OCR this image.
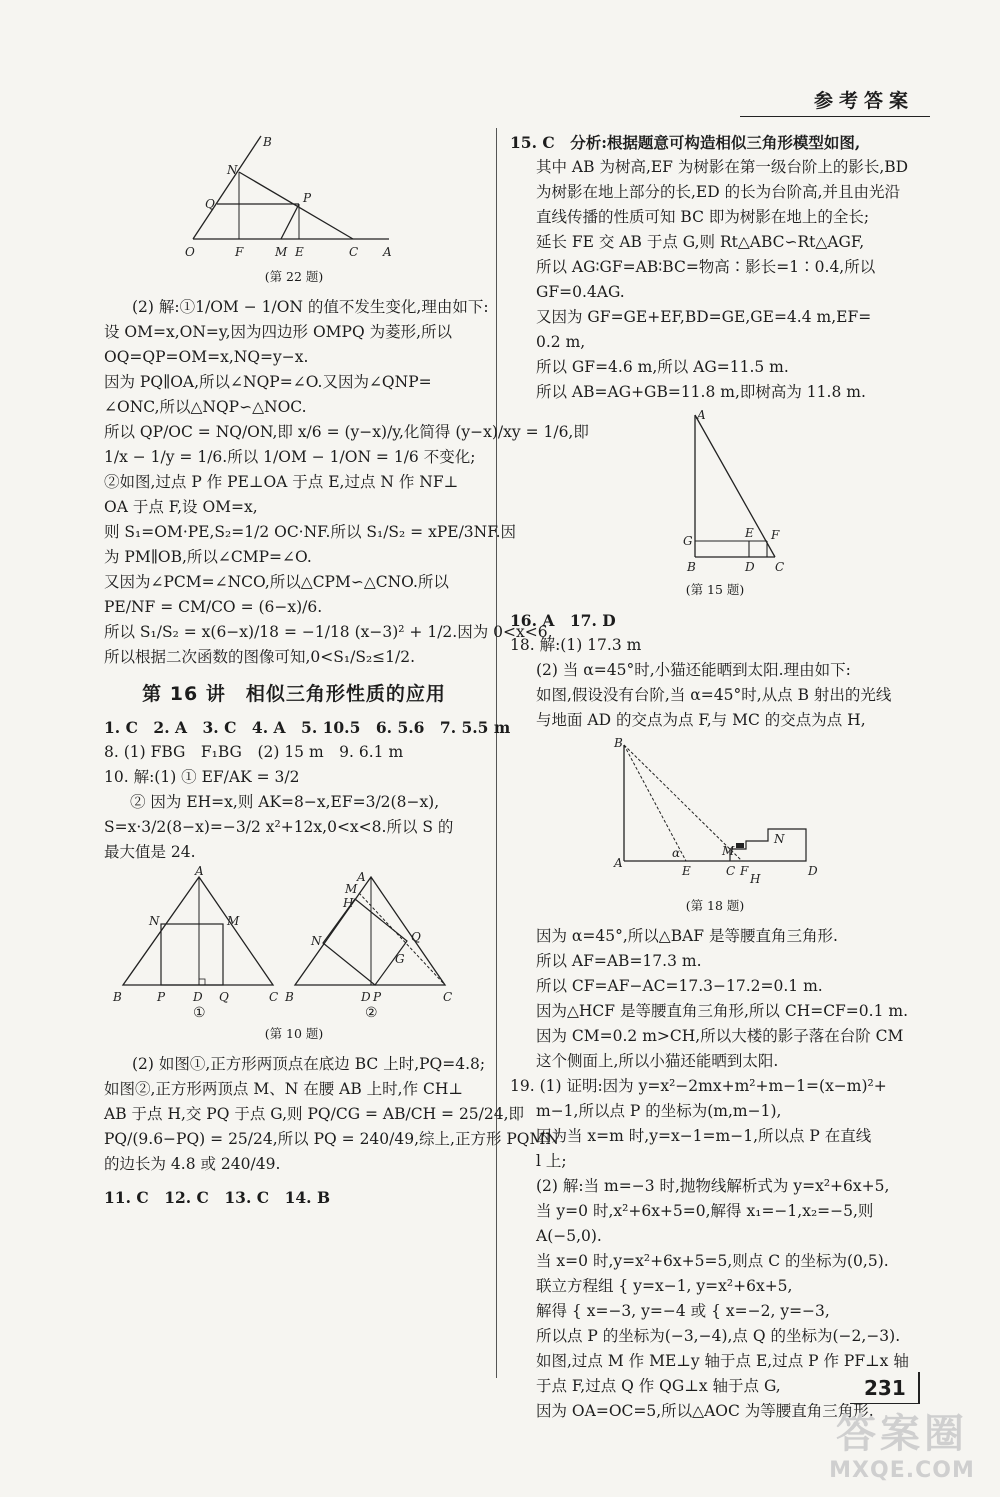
参考答案
B
N
Q	P
O	F	M E	C A
(第 22 题)
(2) 解:①1/OM − 1/ON 的值不发生变化,理由如下:
设 OM=x,ON=y,因为四边形 OMPQ 为菱形,所以
OQ=QP=OM=x,NQ=y−x.
因为 PQ∥OA,所以∠NQP=∠O.又因为∠QNP=
∠ONC,所以△NQP∽△NOC.
所以 QP/OC = NQ/ON,即 x/6 = (y−x)/y,化简得 (y−x)/xy = 1/6,即
1/x − 1/y = 1/6.所以 1/OM − 1/ON = 1/6 不变化;
②如图,过点 P 作 PE⊥OA 于点 E,过点 N 作 NF⊥
OA 于点 F,设 OM=x,
则 S₁=OM·PE,S₂=1/2 OC·NF.所以 S₁/S₂ = xPE/3NF.因
为 PM∥OB,所以∠CMP=∠O.
又因为∠PCM=∠NCO,所以△CPM∽△CNO.所以
PE/NF = CM/CO = (6−x)/6.
所以 S₁/S₂ = x(6−x)/18 = −1/18 (x−3)² + 1/2.因为 0<x<6,
所以根据二次函数的图像可知,0<S₁/S₂≤1/2.
第 16 讲　相似三角形性质的应用
1. C　2. A　3. C　4. A　5. 10.5　6. 5.6　7. 5.5 m
8. (1) FBG　F₁BG　(2) 15 m　9. 6.1 m
10. 解:(1) ① EF/AK = 3/2
② 因为 EH=x,则 AK=8−x,EF=3/2(8−x),
S=x·3/2(8−x)=−3/2 x²+12x,0<x<8.所以 S 的
最大值是 24.
A
N	M
B	P D Q	C
①
A
M
H
N	Q
G
B	D P	C
②
(第 10 题)
(2) 如图①,正方形两顶点在底边 BC 上时,PQ=4.8;
如图②,正方形两顶点 M、N 在腰 AB 上时,作 CH⊥
AB 于点 H,交 PQ 于点 G,则 PQ/CG = AB/CH = 25/24,即
PQ/(9.6−PQ) = 25/24,所以 PQ = 240/49,综上,正方形 PQMN
的边长为 4.8 或 240/49.
11. C　12. C　13. C　14. B
15. C　分析:根据题意可构造相似三角形模型如图,
其中 AB 为树高,EF 为树影在第一级台阶上的影长,BD
为树影在地上部分的长,ED 的长为台阶高,并且由光沿
直线传播的性质可知 BC 即为树影在地上的全长;
延长 FE 交 AB 于点 G,则 Rt△ABC∽Rt△AGF,
所以 AG∶GF=AB∶BC=物高∶影长=1∶0.4,所以
GF=0.4AG.
又因为 GF=GE+EF,BD=GE,GE=4.4 m,EF=
0.2 m,
所以 GF=4.6 m,所以 AG=11.5 m.
所以 AB=AG+GB=11.8 m,即树高为 11.8 m.
A
G
E F
B	D C
(第 15 题)
16. A　17. D
18. 解:(1) 17.3 m
(2) 当 α=45°时,小猫还能晒到太阳.理由如下:
如图,假设没有台阶,当 α=45°时,从点 B 射出的光线
与地面 AD 的交点为点 F,与 MC 的交点为点 H,
B
α	M
A
E	C F
H
D
N
(第 18 题)
因为 α=45°,所以△BAF 是等腰直角三角形.
所以 AF=AB=17.3 m.
所以 CF=AF−AC=17.3−17.2=0.1 m.
因为△HCF 是等腰直角三角形,所以 CH=CF=0.1 m.
因为 CM=0.2 m>CH,所以大楼的影子落在台阶 CM
这个侧面上,所以小猫还能晒到太阳.
19. (1) 证明:因为 y=x²−2mx+m²+m−1=(x−m)²+
m−1,所以点 P 的坐标为(m,m−1),
因为当 x=m 时,y=x−1=m−1,所以点 P 在直线
l 上;
(2) 解:当 m=−3 时,抛物线解析式为 y=x²+6x+5,
当 y=0 时,x²+6x+5=0,解得 x₁=−1,x₂=−5,则
A(−5,0).
当 x=0 时,y=x²+6x+5=5,则点 C 的坐标为(0,5).
联立方程组 { y=x−1, y=x²+6x+5,
解得 { x=−3, y=−4 或 { x=−2, y=−3,
所以点 P 的坐标为(−3,−4),点 Q 的坐标为(−2,−3).
如图,过点 M 作 ME⊥y 轴于点 E,过点 P 作 PF⊥x 轴
于点 F,过点 Q 作 QG⊥x 轴于点 G,
因为 OA=OC=5,所以△AOC 为等腰直角三角形.
231
答案圈
MXQE.COM
